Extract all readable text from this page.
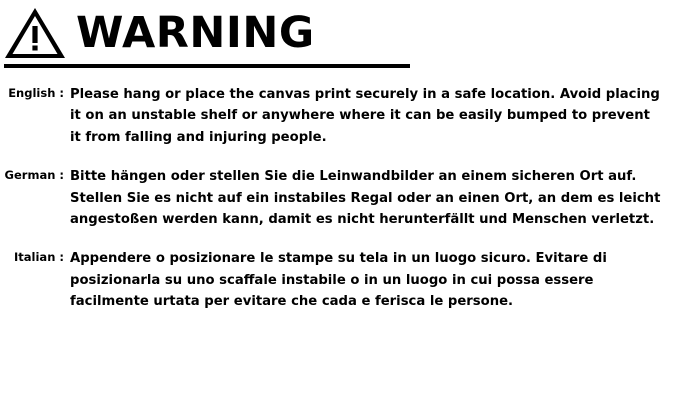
WARNING
English : Please hang or place the canvas print securely in a safe location. Avoid placing it on an unstable shelf or anywhere where it can be easily bumped to prevent it from falling and injuring people.
German : Bitte hängen oder stellen Sie die Leinwandbilder an einem sicheren Ort auf. Stellen Sie es nicht auf ein instabiles Regal oder an einen Ort, an dem es leicht angestoßen werden kann, damit es nicht herunterfällt und Menschen verletzt.
Italian : Appendere o posizionare le stampe su tela in un luogo sicuro. Evitare di posizionarla su uno scaffale instabile o in un luogo in cui possa essere facilmente urtata per evitare che cada e ferisca le persone.
